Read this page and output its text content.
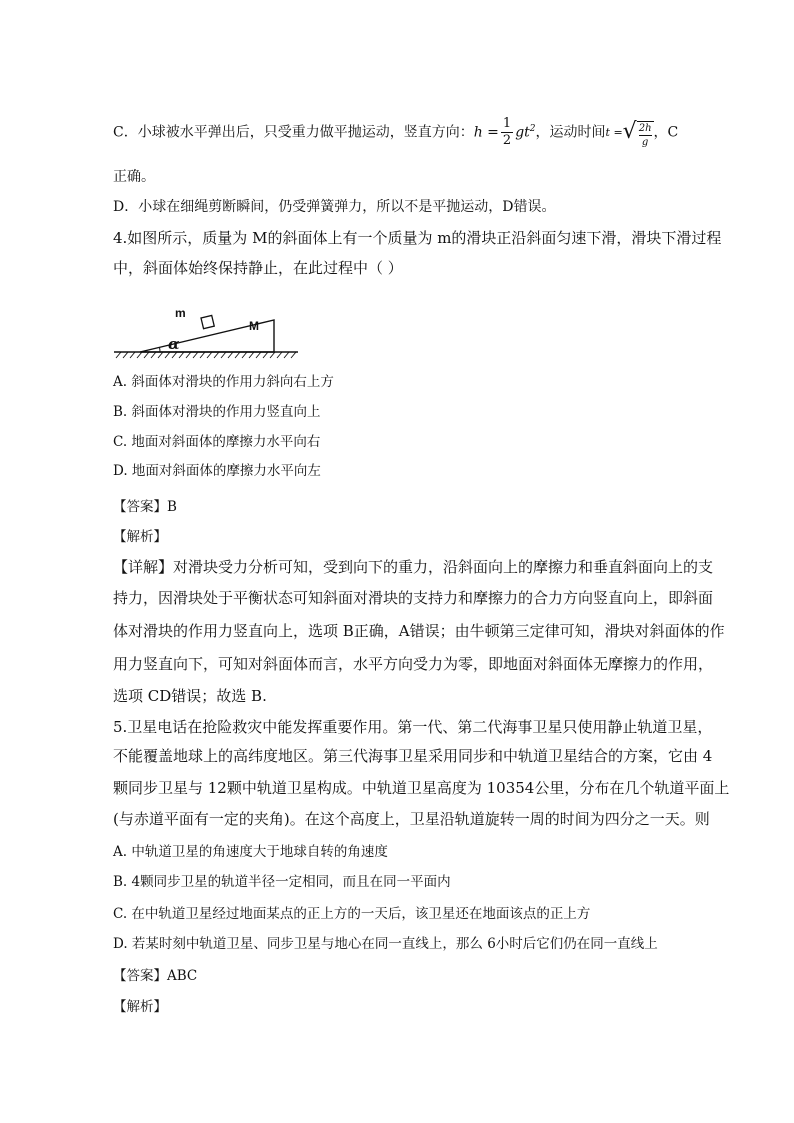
C．小球被水平弹出后，只受重力做平抛运动，竖直方向：$h = \frac{1}{2} gt^2$，运动时间t = √ $\frac{2h}{g}$ ，C
正确。
D．小球在细绳剪断瞬间，仍受弹簧弹力，所以不是平抛运动，D错误。
4.如图所示，质量为 M的斜面体上有一个质量为 m的滑块正沿斜面匀速下滑，滑块下滑过程
中，斜面体始终保持静止，在此过程中（ ）
m
M
α
A. 斜面体对滑块的作用力斜向右上方
B. 斜面体对滑块的作用力竖直向上
C. 地面对斜面体的摩擦力水平向右
D. 地面对斜面体的摩擦力水平向左
【答案】B
【解析】
【详解】对滑块受力分析可知，受到向下的重力，沿斜面向上的摩擦力和垂直斜面向上的支
持力，因滑块处于平衡状态可知斜面对滑块的支持力和摩擦力的合力方向竖直向上，即斜面
体对滑块的作用力竖直向上，选项 B正确，A错误；由牛顿第三定律可知，滑块对斜面体的作
用力竖直向下，可知对斜面体而言，水平方向受力为零，即地面对斜面体无摩擦力的作用，
选项 CD错误；故选 B.
5.卫星电话在抢险救灾中能发挥重要作用。第一代、第二代海事卫星只使用静止轨道卫星，
不能覆盖地球上的高纬度地区。第三代海事卫星采用同步和中轨道卫星结合的方案，它由 4
颗同步卫星与 12颗中轨道卫星构成。中轨道卫星高度为 10354公里，分布在几个轨道平面上
(与赤道平面有一定的夹角)。在这个高度上，卫星沿轨道旋转一周的时间为四分之一天。则
A. 中轨道卫星的角速度大于地球自转的角速度
B. 4颗同步卫星的轨道半径一定相同，而且在同一平面内
C. 在中轨道卫星经过地面某点的正上方的一天后，该卫星还在地面该点的正上方
D. 若某时刻中轨道卫星、同步卫星与地心在同一直线上，那么 6小时后它们仍在同一直线上
【答案】ABC
【解析】
